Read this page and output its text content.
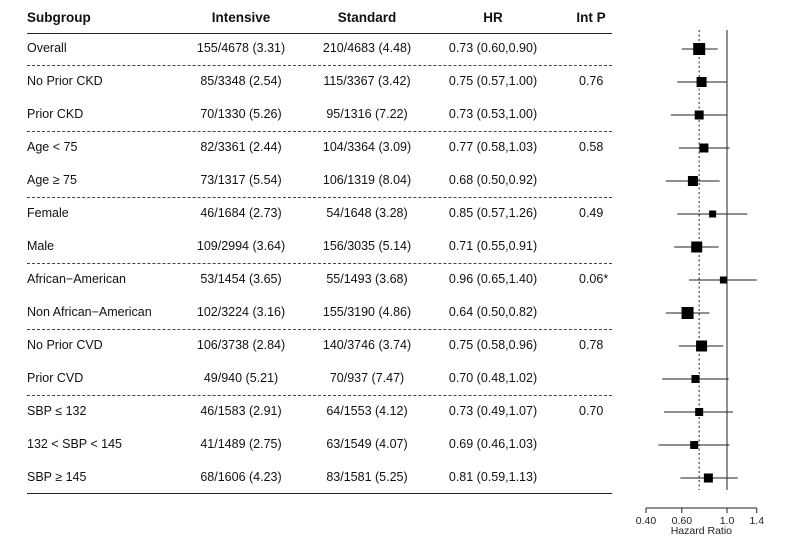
Subgroup	Intensive	Standard	HR	Int P
Overall	155/4678 (3.31)	210/4683 (4.48)	0.73 (0.60,0.90)
No Prior CKD	85/3348 (2.54)	115/3367 (3.42)	0.75 (0.57,1.00)	0.76
Prior CKD	70/1330 (5.26)	95/1316 (7.22)	0.73 (0.53,1.00)
Age < 75	82/3361 (2.44)	104/3364 (3.09)	0.77 (0.58,1.03)	0.58
Age ≥ 75	73/1317 (5.54)	106/1319 (8.04)	0.68 (0.50,0.92)
Female	46/1684 (2.73)	54/1648 (3.28)	0.85 (0.57,1.26)	0.49
Male	109/2994 (3.64)	156/3035 (5.14)	0.71 (0.55,0.91)
African−American	53/1454 (3.65)	55/1493 (3.68)	0.96 (0.65,1.40)	0.06*
Non African−American	102/3224 (3.16)	155/3190 (4.86)	0.64 (0.50,0.82)
No Prior CVD	106/3738 (2.84)	140/3746 (3.74)	0.75 (0.58,0.96)	0.78
Prior CVD	49/940 (5.21)	70/937 (7.47)	0.70 (0.48,1.02)
SBP ≤ 132	46/1583 (2.91)	64/1553 (4.12)	0.73 (0.49,1.07)	0.70
132 < SBP < 145	41/1489 (2.75)	63/1549 (4.07)	0.69 (0.46,1.03)
SBP ≥ 145	68/1606 (4.23)	83/1581 (5.25)	0.81 (0.59,1.13)
0.40 0.60	1.0 1.4
Hazard Ratio
